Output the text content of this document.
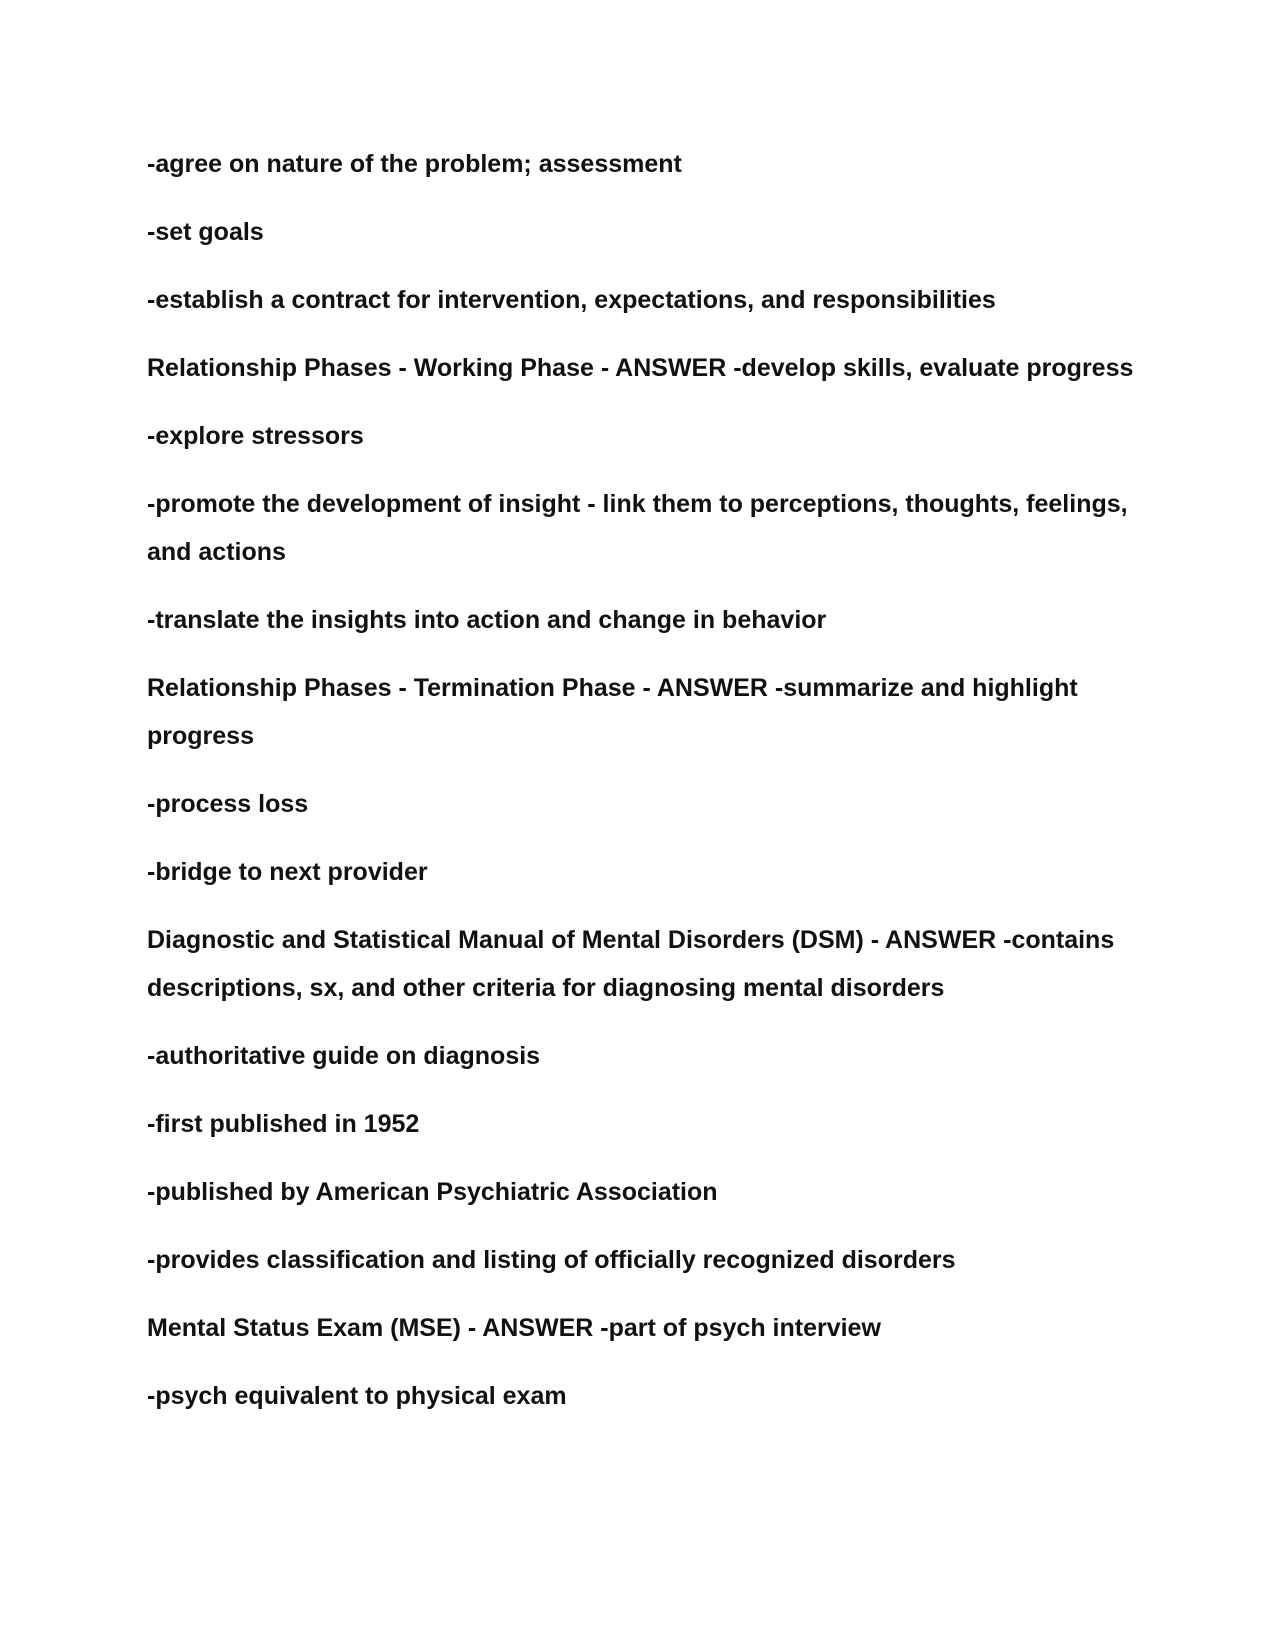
-agree on nature of the problem; assessment

-set goals

-establish a contract for intervention, expectations, and responsibilities

Relationship Phases - Working Phase - ANSWER -develop skills, evaluate progress

-explore stressors

-promote the development of insight - link them to perceptions, thoughts, feelings, and actions

-translate the insights into action and change in behavior

Relationship Phases - Termination Phase - ANSWER -summarize and highlight progress

-process loss

-bridge to next provider

Diagnostic and Statistical Manual of Mental Disorders (DSM) - ANSWER -contains descriptions, sx, and other criteria for diagnosing mental disorders

-authoritative guide on diagnosis

-first published in 1952

-published by American Psychiatric Association

-provides classification and listing of officially recognized disorders

Mental Status Exam (MSE) - ANSWER -part of psych interview

-psych equivalent to physical exam
